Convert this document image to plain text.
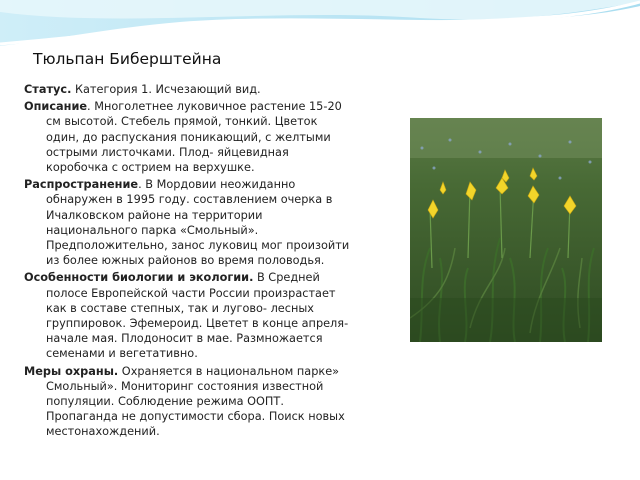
Тюльпан Биберштейна

Статус. Категория 1. Исчезающий вид.

Описание. Многолетнее луковичное растение 15-20 см высотой. Стебель прямой, тонкий. Цветок один, до распускания поникающий, с желтыми острыми листочками. Плод- яйцевидная коробочка с острием на верхушке.

Распространение. В Мордовии неожиданно обнаружен в 1995 году. составлением очерка в Ичалковском районе на территории национального парка «Смольный». Предположительно, занос луковиц мог произойти из более южных районов во время половодья.

Особенности биологии и экологии. В Средней полосе Европейской части России произрастает как в составе степных, так и лугово- лесных группировок. Эфемероид. Цветет в конце апреля- начале мая. Плодоносит в мае. Размножается семенами и вегетативно.

Меры охраны. Охраняется в национальном парке» Смольный». Мониторинг состояния известной популяции. Соблюдение режима ООПТ. Пропаганда не допустимости сбора. Поиск новых местонахождений.
